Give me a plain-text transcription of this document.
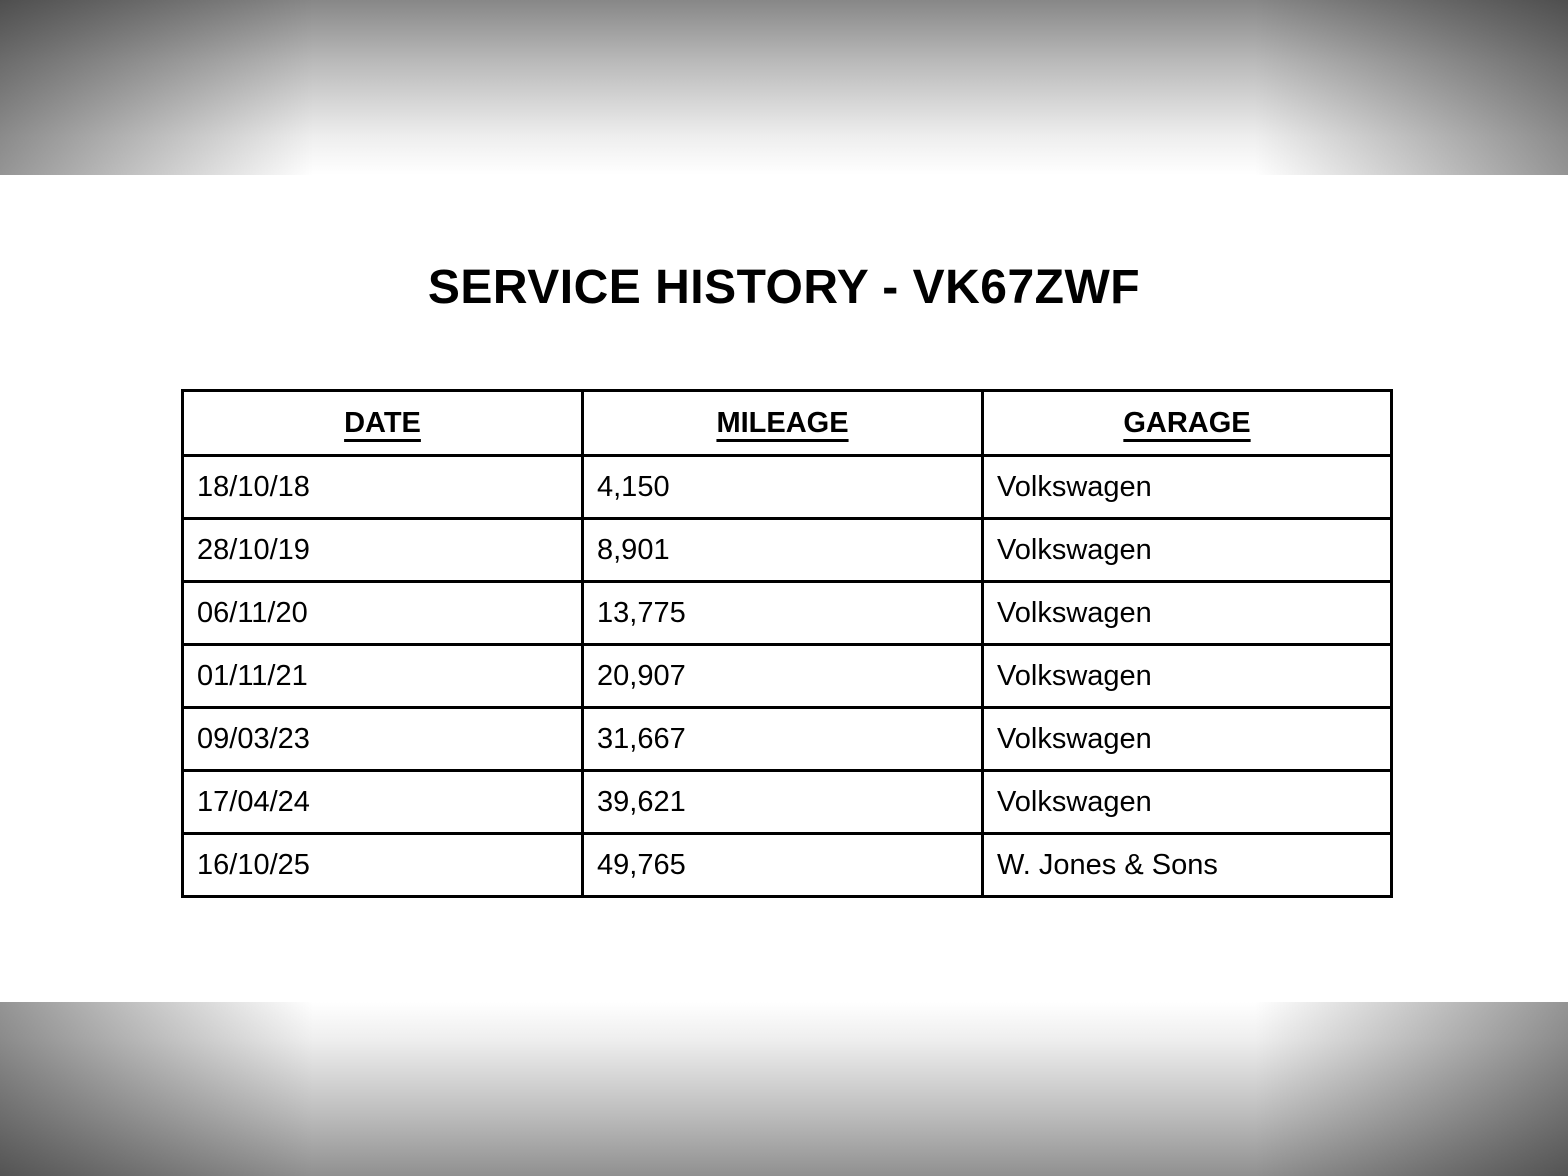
SERVICE HISTORY - VK67ZWF
DATE	MILEAGE	GARAGE
18/10/18	4,150	Volkswagen
28/10/19	8,901	Volkswagen
06/11/20	13,775	Volkswagen
01/11/21	20,907	Volkswagen
09/03/23	31,667	Volkswagen
17/04/24	39,621	Volkswagen
16/10/25	49,765	W. Jones & Sons
